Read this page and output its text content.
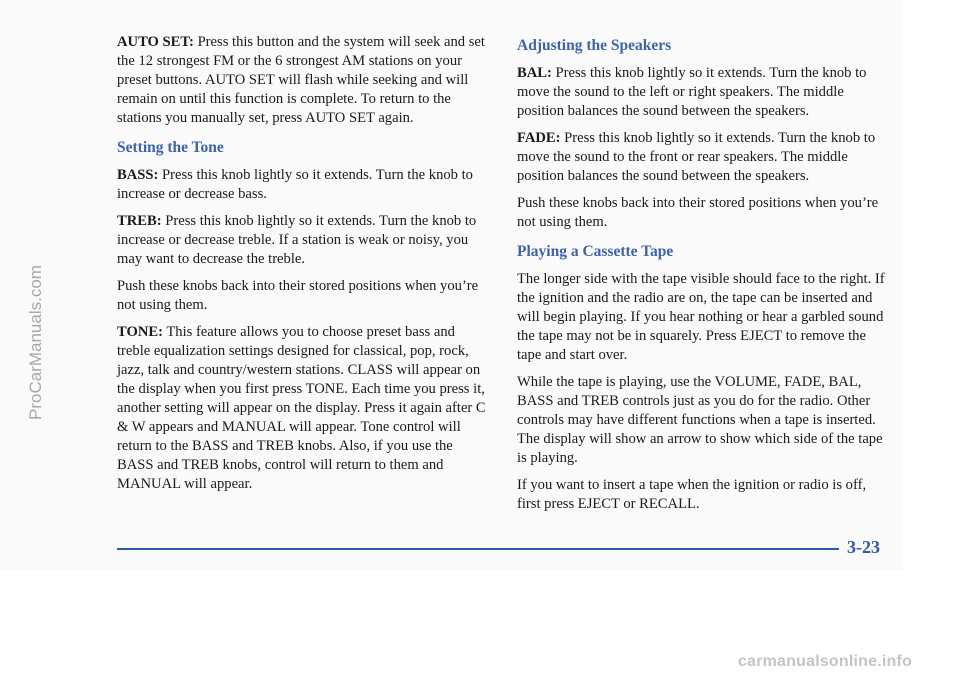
AUTO SET: Press this button and the system will seek and set the 12 strongest FM or the 6 strongest AM stations on your preset buttons. AUTO SET will flash while seeking and will remain on until this function is complete. To return to the stations you manually set, press AUTO SET again.

Setting the Tone

BASS: Press this knob lightly so it extends. Turn the knob to increase or decrease bass.

TREB: Press this knob lightly so it extends. Turn the knob to increase or decrease treble. If a station is weak or noisy, you may want to decrease the treble.

Push these knobs back into their stored positions when you’re not using them.

TONE: This feature allows you to choose preset bass and treble equalization settings designed for classical, pop, rock, jazz, talk and country/western stations. CLASS will appear on the display when you first press TONE. Each time you press it, another setting will appear on the display. Press it again after C & W appears and MANUAL will appear. Tone control will return to the BASS and TREB knobs. Also, if you use the BASS and TREB knobs, control will return to them and MANUAL will appear.

Adjusting the Speakers

BAL: Press this knob lightly so it extends. Turn the knob to move the sound to the left or right speakers. The middle position balances the sound between the speakers.

FADE: Press this knob lightly so it extends. Turn the knob to move the sound to the front or rear speakers. The middle position balances the sound between the speakers.

Push these knobs back into their stored positions when you’re not using them.

Playing a Cassette Tape

The longer side with the tape visible should face to the right. If the ignition and the radio are on, the tape can be inserted and will begin playing. If you hear nothing or hear a garbled sound the tape may not be in squarely. Press EJECT to remove the tape and start over.

While the tape is playing, use the VOLUME, FADE, BAL, BASS and TREB controls just as you do for the radio. Other controls may have different functions when a tape is inserted. The display will show an arrow to show which side of the tape is playing.

If you want to insert a tape when the ignition or radio is off, first press EJECT or RECALL.

3-23
ProCarManuals.com
carmanualsonline.info
